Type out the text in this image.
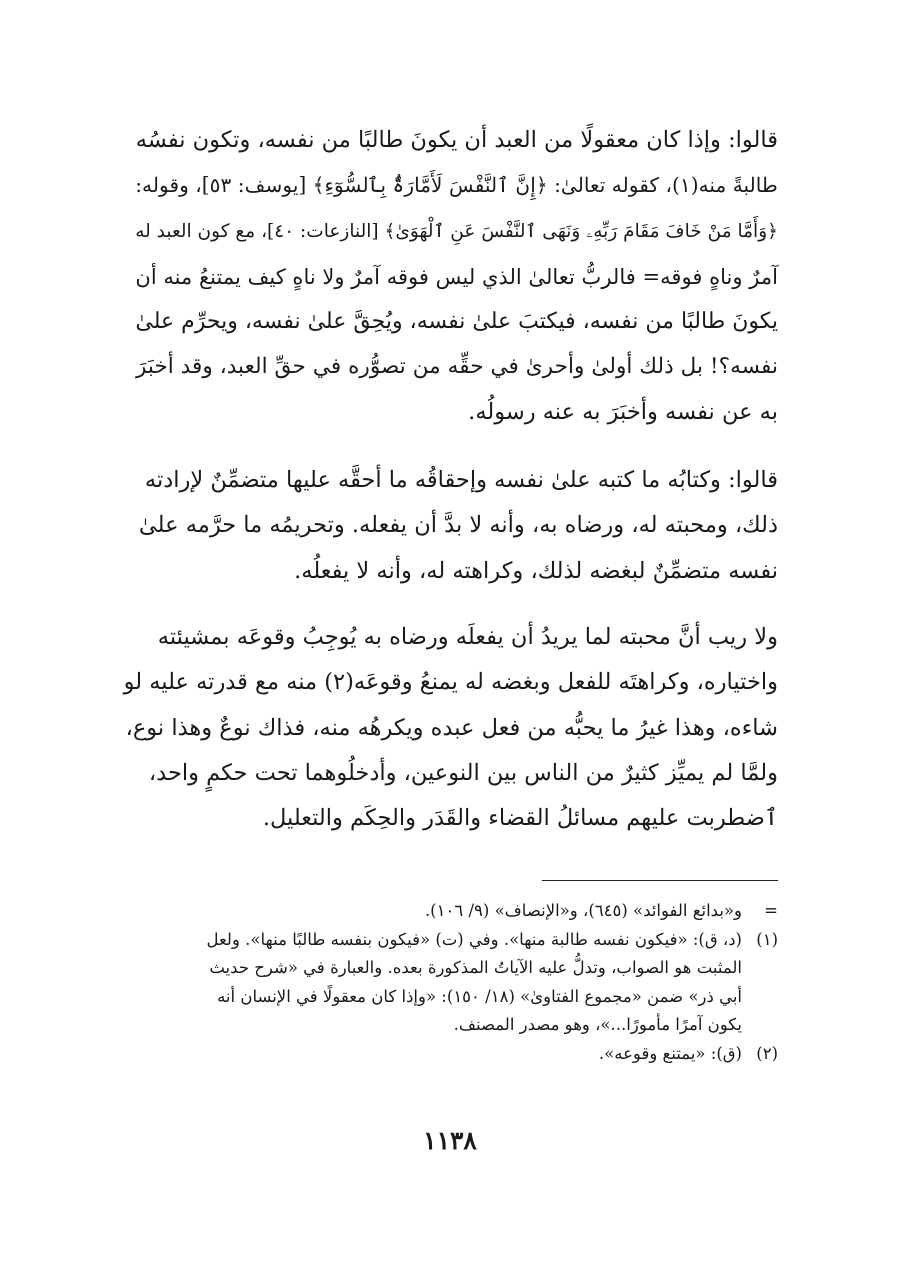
قالوا: وإذا كان معقولًا من العبد أن يكونَ طالبًا من نفسه، وتكون نفسُه
طالبةً منه(١)، كقوله تعالىٰ: ﴿إِنَّ ٱلنَّفْسَ لَأَمَّارَةٌۢ بِٱلسُّوٓءِ﴾ [يوسف: ٥٣]، وقوله:
﴿وَأَمَّا مَنْ خَافَ مَقَامَ رَبِّهِۦ وَنَهَى ٱلنَّفْسَ عَنِ ٱلْهَوَىٰ﴾ [النازعات: ٤٠]، مع كون العبد له
آمرٌ وناهٍ فوقه= فالربُّ تعالىٰ الذي ليس فوقه آمرٌ ولا ناهٍ كيف يمتنعُ منه أن
يكونَ طالبًا من نفسه، فيكتبَ علىٰ نفسه، ويُحِقَّ علىٰ نفسه، ويحرِّم علىٰ
نفسه؟! بل ذلك أولىٰ وأحرىٰ في حقِّه من تصوُّره في حقِّ العبد، وقد أخبَرَ
به عن نفسه وأخبَرَ به عنه رسولُه.

قالوا: وكتابُه ما كتبه علىٰ نفسه وإحقاقُه ما أحقَّه عليها متضمِّنٌ لإرادته
ذلك، ومحبته له، ورضاه به، وأنه لا بدَّ أن يفعله. وتحريمُه ما حرَّمه علىٰ
نفسه متضمِّنٌ لبغضه لذلك، وكراهته له، وأنه لا يفعلُه.

ولا ريب أنَّ محبته لما يريدُ أن يفعلَه ورضاه به يُوجِبُ وقوعَه بمشيئته
واختياره، وكراهتَه للفعل وبغضه له يمنعُ وقوعَه(٢) منه مع قدرته عليه لو
شاءه، وهذا غيرُ ما يحبُّه من فعل عبده ويكرهُه منه، فذاك نوعٌ وهذا نوع،
ولمَّا لم يميِّز كثيرٌ من الناس بين النوعين، وأدخلُوهما تحت حكمٍ واحد،
ٱضطربت عليهم مسائلُ القضاء والقَدَر والحِكَم والتعليل.

=
و«بدائع الفوائد» (٦٤٥)، و«الإنصاف» (٩/ ١٠٦).
(١)
(د، ق): «فيكون نفسه طالبة منها». وفي (ت) «فيكون بنفسه طالبًا منها». ولعل
المثبت هو الصواب، وتدلُّ عليه الآياتُ المذكورة بعده. والعبارة في «شرح حديث
أبي ذر» ضمن «مجموع الفتاوىٰ» (١٨/ ١٥٠): «وإذا كان معقولًا في الإنسان أنه
يكون آمرًا مأمورًا...»، وهو مصدر المصنف.
(٢)
(ق): «يمتنع وقوعه».
١١٣٨
